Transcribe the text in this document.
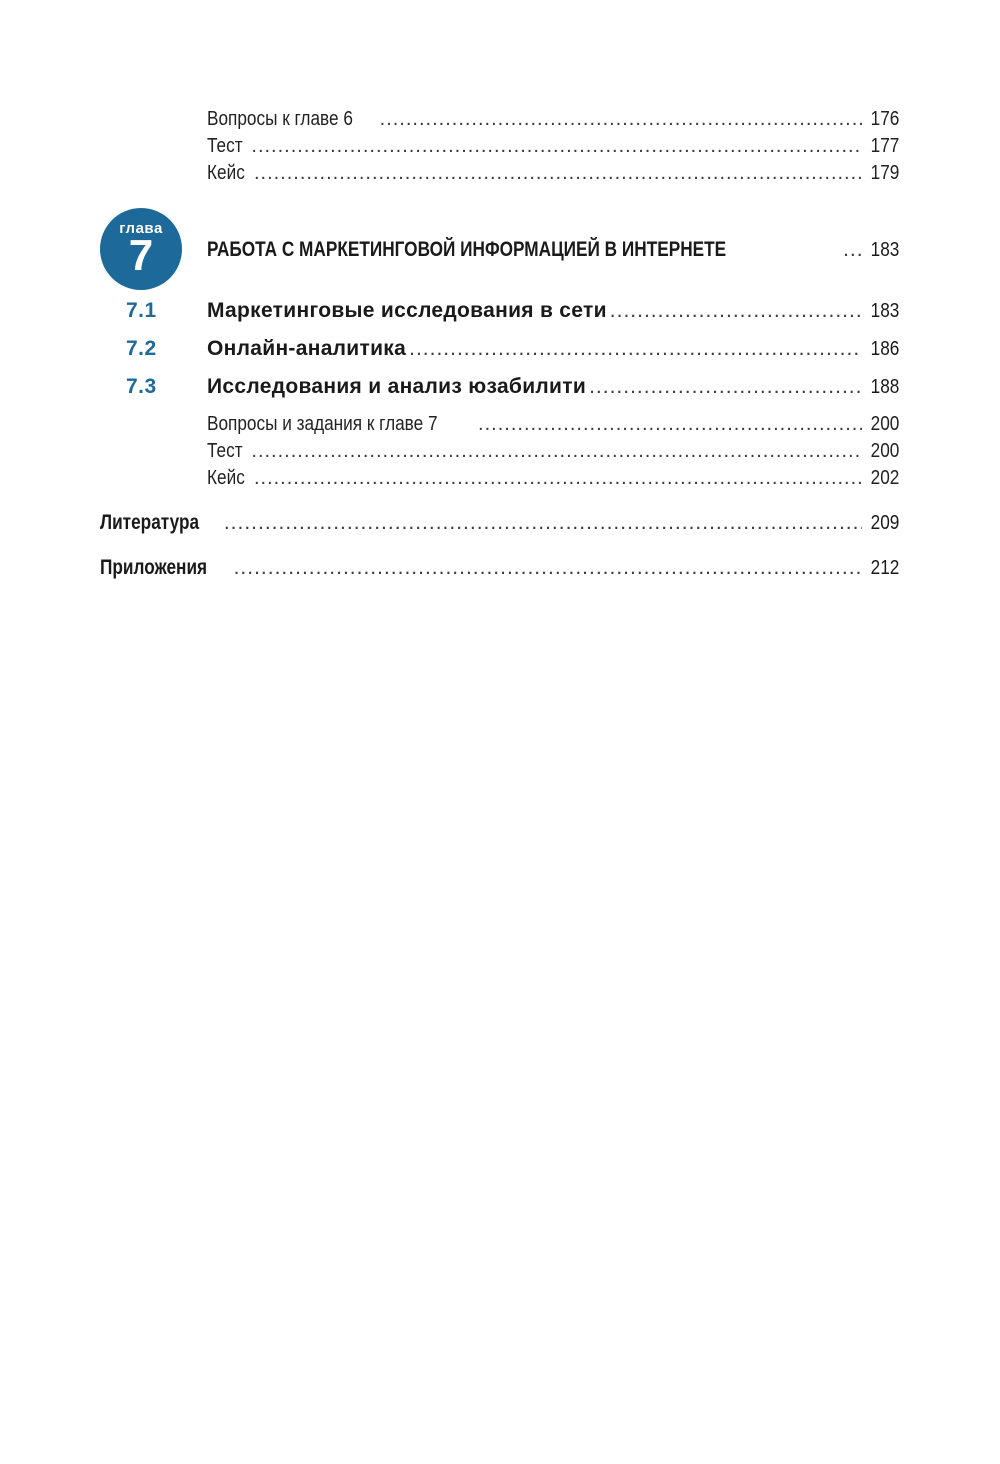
Вопросы к главе 6 .....	176
Тест .....	177
Кейс .....	179
глава
7	РАБОТА С МАРКЕТИНГОВОЙ ИНФОРМАЦИЕЙ В ИНТЕРНЕТЕ .....	183
7.1 Маркетинговые исследования в сети .....	183
7.2 Онлайн-аналитика .....	186
7.3 Исследования и анализ юзабилити .....	188
Вопросы и задания к главе 7 .....	200
Тест .....	200
Кейс .....	202
Литература .....	209
Приложения .....	212
